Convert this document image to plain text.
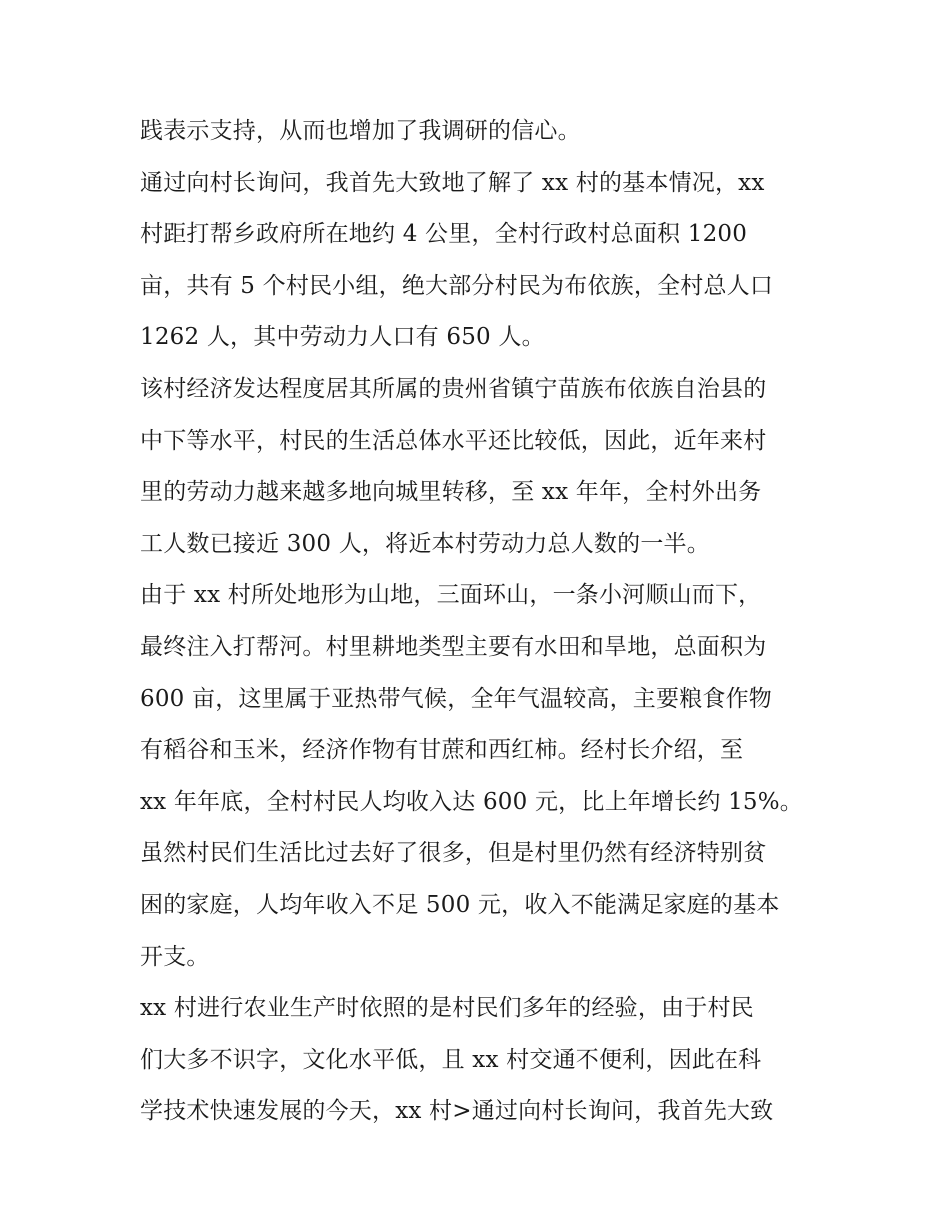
践表示支持，从而也增加了我调研的信心。
通过向村长询问，我首先大致地了解了 xx 村的基本情况，xx
村距打帮乡政府所在地约 4 公里，全村行政村总面积 1200
亩，共有 5 个村民小组，绝大部分村民为布依族，全村总人口
1262 人，其中劳动力人口有 650 人。
该村经济发达程度居其所属的贵州省镇宁苗族布依族自治县的
中下等水平，村民的生活总体水平还比较低，因此，近年来村
里的劳动力越来越多地向城里转移，至 xx 年年，全村外出务
工人数已接近 300 人，将近本村劳动力总人数的一半。
由于 xx 村所处地形为山地，三面环山，一条小河顺山而下，
最终注入打帮河。村里耕地类型主要有水田和旱地，总面积为
600 亩，这里属于亚热带气候，全年气温较高，主要粮食作物
有稻谷和玉米，经济作物有甘蔗和西红柿。经村长介绍，至
xx 年年底，全村村民人均收入达 600 元，比上年增长约 15%。
虽然村民们生活比过去好了很多，但是村里仍然有经济特别贫
困的家庭，人均年收入不足 500 元，收入不能满足家庭的基本
开支。
xx 村进行农业生产时依照的是村民们多年的经验，由于村民
们大多不识字，文化水平低，且 xx 村交通不便利，因此在科
学技术快速发展的今天，xx 村>通过向村长询问，我首先大致
